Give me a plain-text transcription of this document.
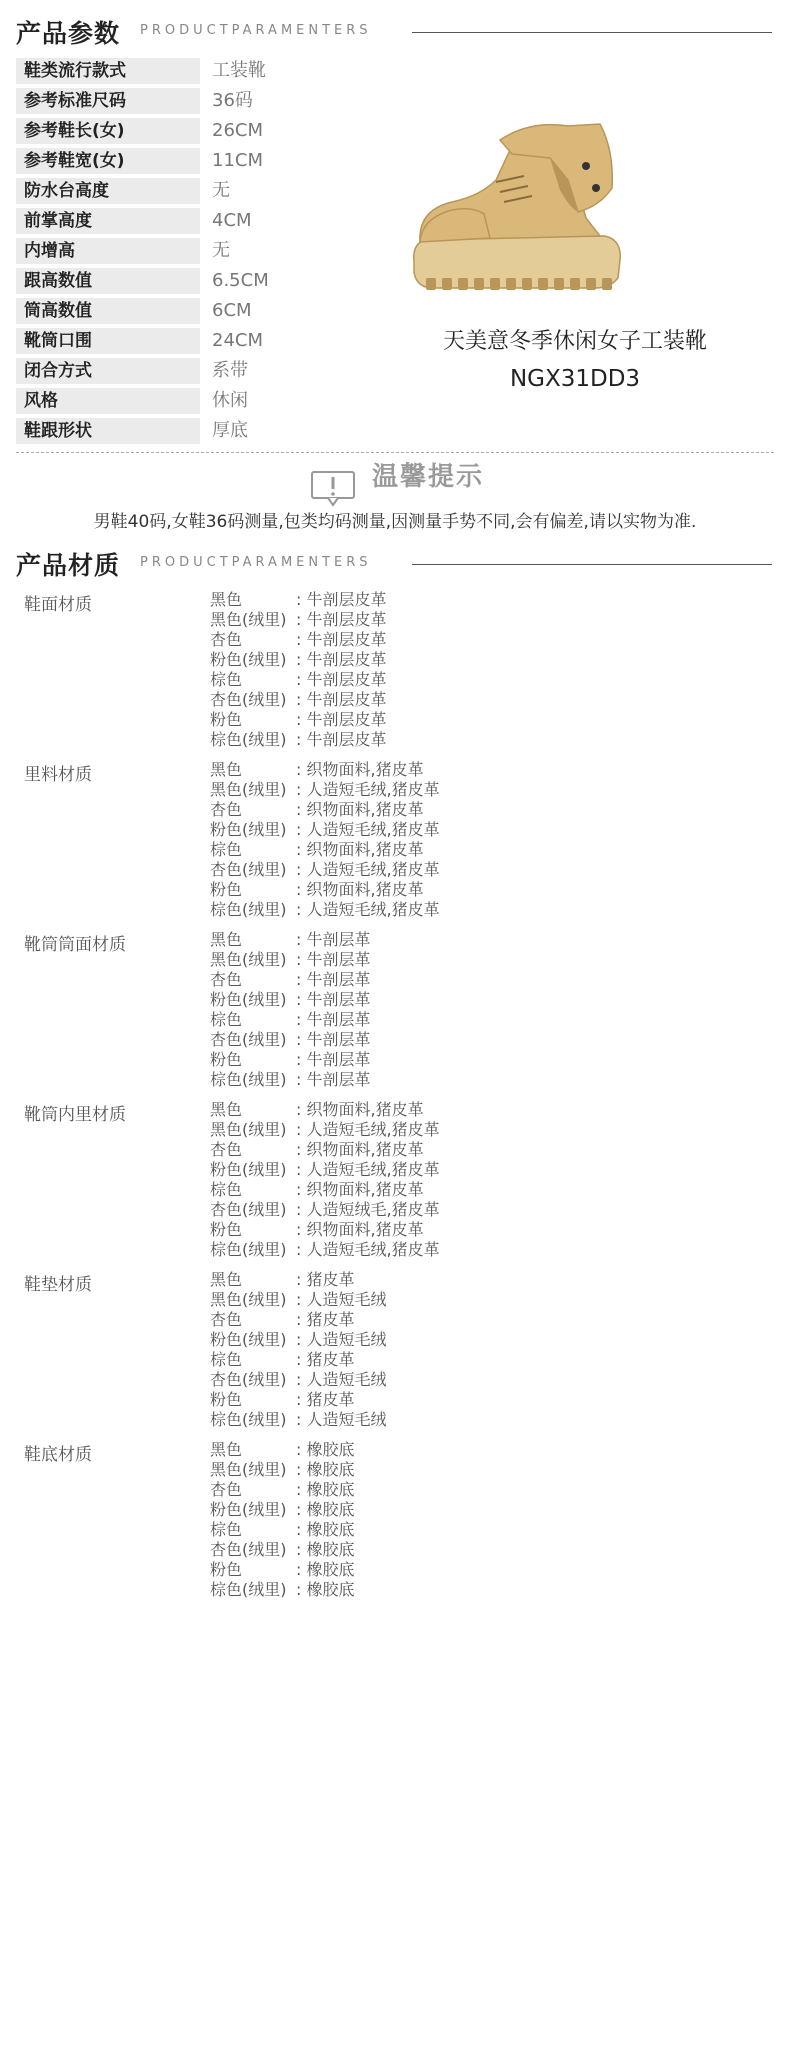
产品参数 PRODUCTPARAMENTERS
鞋类流行款式	工装靴
参考标准尺码	36码
参考鞋长(女)	26CM
参考鞋宽(女)	11CM
防水台高度	无
前掌高度	4CM
内增高	无
跟高数值	6.5CM
筒高数值	6CM
靴筒口围	24CM
闭合方式	系带
风格	休闲
鞋跟形状	厚底
天美意冬季休闲女子工装靴
NGX31DD3
温馨提示
男鞋40码,女鞋36码测量,包类均码测量,因测量手势不同,会有偏差,请以实物为准.
产品材质 PRODUCTPARAMENTERS
鞋面材质	黑色	: 牛剖层皮革
黑色(绒里) : 牛剖层皮革
杏色	: 牛剖层皮革
粉色(绒里) : 牛剖层皮革
棕色	: 牛剖层皮革
杏色(绒里) : 牛剖层皮革
粉色	: 牛剖层皮革
棕色(绒里) : 牛剖层皮革
里料材质	黑色	: 织物面料,猪皮革
黑色(绒里) : 人造短毛绒,猪皮革
杏色	: 织物面料,猪皮革
粉色(绒里) : 人造短毛绒,猪皮革
棕色	: 织物面料,猪皮革
杏色(绒里) : 人造短毛绒,猪皮革
粉色	: 织物面料,猪皮革
棕色(绒里) : 人造短毛绒,猪皮革
靴筒筒面材质	黑色	: 牛剖层革
黑色(绒里) : 牛剖层革
杏色	: 牛剖层革
粉色(绒里) : 牛剖层革
棕色	: 牛剖层革
杏色(绒里) : 牛剖层革
粉色	: 牛剖层革
棕色(绒里) : 牛剖层革
靴筒内里材质	黑色	: 织物面料,猪皮革
黑色(绒里) : 人造短毛绒,猪皮革
杏色	: 织物面料,猪皮革
粉色(绒里) : 人造短毛绒,猪皮革
棕色	: 织物面料,猪皮革
杏色(绒里) : 人造短绒毛,猪皮革
粉色	: 织物面料,猪皮革
棕色(绒里) : 人造短毛绒,猪皮革
鞋垫材质	黑色	: 猪皮革
黑色(绒里) : 人造短毛绒
杏色	: 猪皮革
粉色(绒里) : 人造短毛绒
棕色	: 猪皮革
杏色(绒里) : 人造短毛绒
粉色	: 猪皮革
棕色(绒里) : 人造短毛绒
鞋底材质	黑色	: 橡胶底
黑色(绒里) : 橡胶底
杏色	: 橡胶底
粉色(绒里) : 橡胶底
棕色	: 橡胶底
杏色(绒里) : 橡胶底
粉色	: 橡胶底
棕色(绒里) : 橡胶底
